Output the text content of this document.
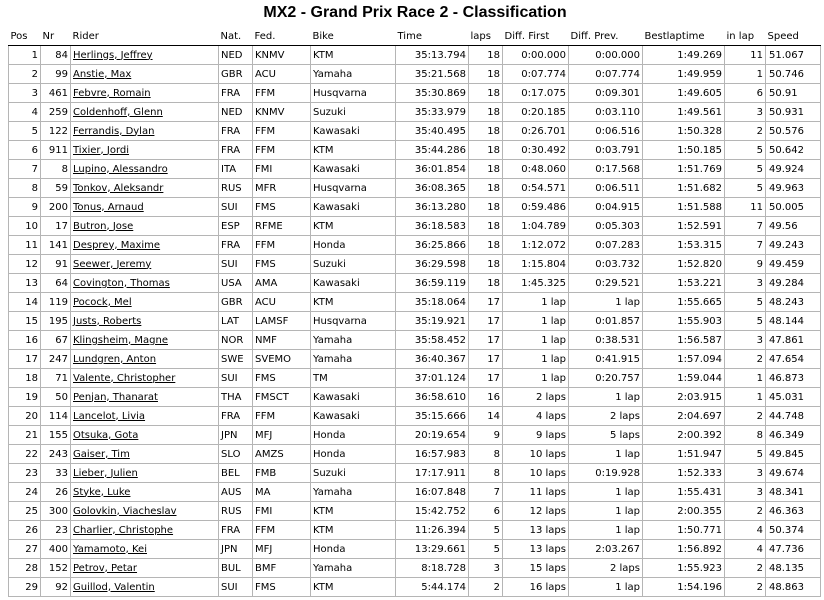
MX2 - Grand Prix Race 2 - Classification
Pos	Nr	Rider	Nat.	Fed.	Bike	Time	laps	Diff. First	Diff. Prev.	Bestlaptime	in lap	Speed
1	84	Herlings, Jeffrey	NED	KNMV	KTM	35:13.794	18	0:00.000	0:00.000	1:49.269	11	51.067
2	99	Anstie, Max	GBR	ACU	Yamaha	35:21.568	18	0:07.774	0:07.774	1:49.959	1	50.746
3	461	Febvre, Romain	FRA	FFM	Husqvarna	35:30.869	18	0:17.075	0:09.301	1:49.605	6	50.91
4	259	Coldenhoff, Glenn	NED	KNMV	Suzuki	35:33.979	18	0:20.185	0:03.110	1:49.561	3	50.931
5	122	Ferrandis, Dylan	FRA	FFM	Kawasaki	35:40.495	18	0:26.701	0:06.516	1:50.328	2	50.576
6	911	Tixier, Jordi	FRA	FFM	KTM	35:44.286	18	0:30.492	0:03.791	1:50.185	5	50.642
7	8	Lupino, Alessandro	ITA	FMI	Kawasaki	36:01.854	18	0:48.060	0:17.568	1:51.769	5	49.924
8	59	Tonkov, Aleksandr	RUS	MFR	Husqvarna	36:08.365	18	0:54.571	0:06.511	1:51.682	5	49.963
9	200	Tonus, Arnaud	SUI	FMS	Kawasaki	36:13.280	18	0:59.486	0:04.915	1:51.588	11	50.005
10	17	Butron, Jose	ESP	RFME	KTM	36:18.583	18	1:04.789	0:05.303	1:52.591	7	49.56
11	141	Desprey, Maxime	FRA	FFM	Honda	36:25.866	18	1:12.072	0:07.283	1:53.315	7	49.243
12	91	Seewer, Jeremy	SUI	FMS	Suzuki	36:29.598	18	1:15.804	0:03.732	1:52.820	9	49.459
13	64	Covington, Thomas	USA	AMA	Kawasaki	36:59.119	18	1:45.325	0:29.521	1:53.221	3	49.284
14	119	Pocock, Mel	GBR	ACU	KTM	35:18.064	17	1 lap	1 lap	1:55.665	5	48.243
15	195	Justs, Roberts	LAT	LAMSF	Husqvarna	35:19.921	17	1 lap	0:01.857	1:55.903	5	48.144
16	67	Klingsheim, Magne	NOR	NMF	Yamaha	35:58.452	17	1 lap	0:38.531	1:56.587	3	47.861
17	247	Lundgren, Anton	SWE	SVEMO	Yamaha	36:40.367	17	1 lap	0:41.915	1:57.094	2	47.654
18	71	Valente, Christopher	SUI	FMS	TM	37:01.124	17	1 lap	0:20.757	1:59.044	1	46.873
19	50	Penjan, Thanarat	THA	FMSCT	Kawasaki	36:58.610	16	2 laps	1 lap	2:03.915	1	45.031
20	114	Lancelot, Livia	FRA	FFM	Kawasaki	35:15.666	14	4 laps	2 laps	2:04.697	2	44.748
21	155	Otsuka, Gota	JPN	MFJ	Honda	20:19.654	9	9 laps	5 laps	2:00.392	8	46.349
22	243	Gaiser, Tim	SLO	AMZS	Honda	16:57.983	8	10 laps	1 lap	1:51.947	5	49.845
23	33	Lieber, Julien	BEL	FMB	Suzuki	17:17.911	8	10 laps	0:19.928	1:52.333	3	49.674
24	26	Styke, Luke	AUS	MA	Yamaha	16:07.848	7	11 laps	1 lap	1:55.431	3	48.341
25	300	Golovkin, Viacheslav	RUS	FMI	KTM	15:42.752	6	12 laps	1 lap	2:00.355	2	46.363
26	23	Charlier, Christophe	FRA	FFM	KTM	11:26.394	5	13 laps	1 lap	1:50.771	4	50.374
27	400	Yamamoto, Kei	JPN	MFJ	Honda	13:29.661	5	13 laps	2:03.267	1:56.892	4	47.736
28	152	Petrov, Petar	BUL	BMF	Yamaha	8:18.728	3	15 laps	2 laps	1:55.923	2	48.135
29	92	Guillod, Valentin	SUI	FMS	KTM	5:44.174	2	16 laps	1 lap	1:54.196	2	48.863
